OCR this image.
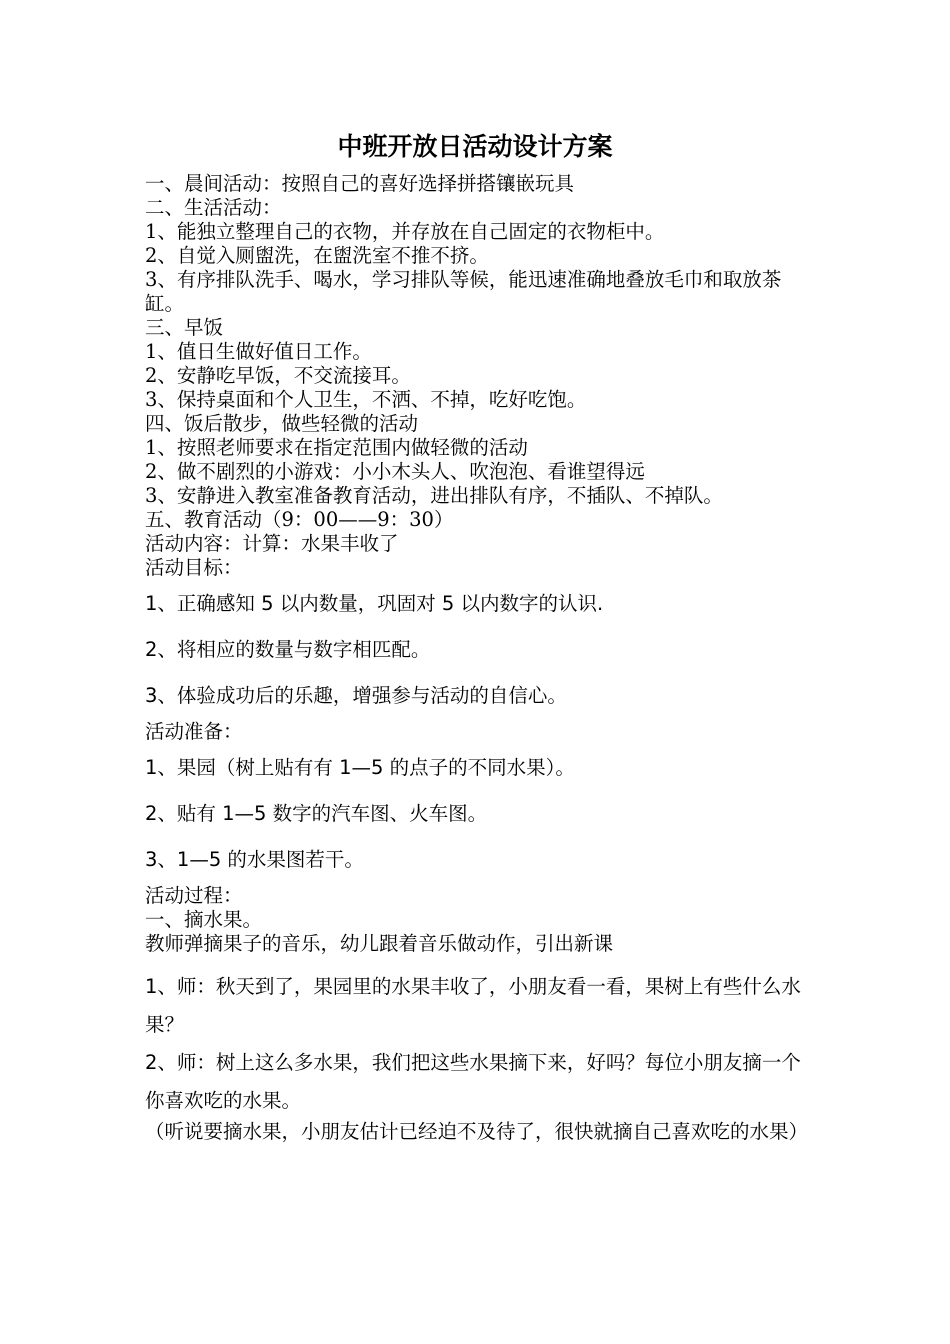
中班开放日活动设计方案
一、晨间活动：按照自己的喜好选择拼搭镶嵌玩具
二、生活活动：
1、能独立整理自己的衣物，并存放在自己固定的衣物柜中。
2、自觉入厕盥洗，在盥洗室不推不挤。
3、有序排队洗手、喝水，学习排队等候，能迅速准确地叠放毛巾和取放茶缸。
三、早饭
1、值日生做好值日工作。
2、安静吃早饭，不交流接耳。
3、保持桌面和个人卫生，不洒、不掉，吃好吃饱。
四、饭后散步，做些轻微的活动
1、按照老师要求在指定范围内做轻微的活动
2、做不剧烈的小游戏：小小木头人、吹泡泡、看谁望得远
3、安静进入教室准备教育活动，进出排队有序，不插队、不掉队。
五、教育活动（9：00——9：30）
活动内容：计算：水果丰收了
活动目标：
1、正确感知 5 以内数量，巩固对 5 以内数字的认识.
2、将相应的数量与数字相匹配。
3、体验成功后的乐趣，增强参与活动的自信心。
活动准备：
1、果园（树上贴有有 1—5 的点子的不同水果）。
2、贴有 1—5 数字的汽车图、火车图。
3、1—5 的水果图若干。
活动过程：
一、摘水果。
教师弹摘果子的音乐，幼儿跟着音乐做动作，引出新课
1、师：秋天到了，果园里的水果丰收了，小朋友看一看，果树上有些什么水果？
2、师：树上这么多水果，我们把这些水果摘下来，好吗？每位小朋友摘一个你喜欢吃的水果。
（听说要摘水果，小朋友估计已经迫不及待了，很快就摘自己喜欢吃的水果）
